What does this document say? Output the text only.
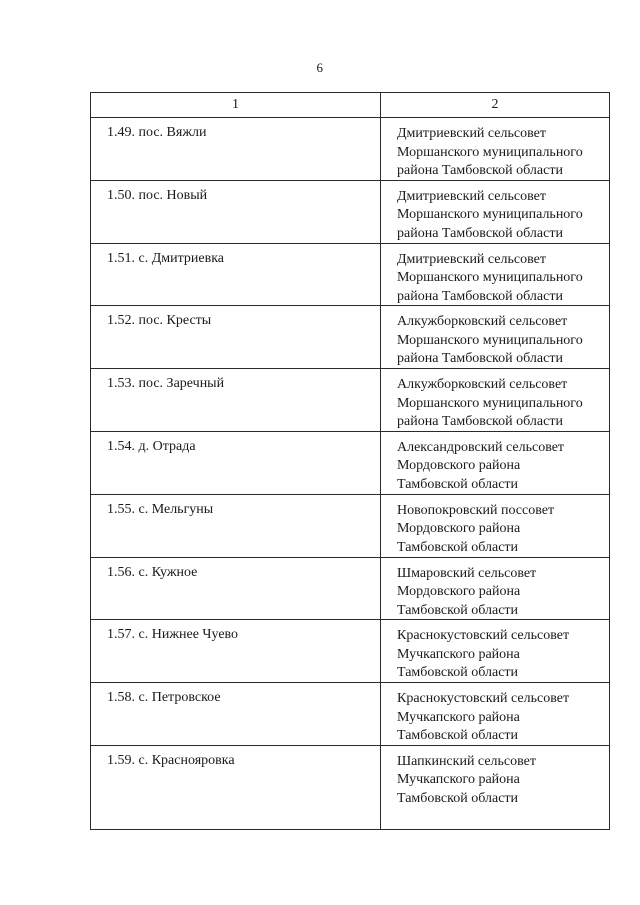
6
1	2

1.49. пос. Вяжли	Дмитриевский сельсовет
Моршанского муниципального
района Тамбовской области

1.50. пос. Новый	Дмитриевский сельсовет
Моршанского муниципального
района Тамбовской области

1.51. с. Дмитриевка	Дмитриевский сельсовет
Моршанского муниципального
района Тамбовской области

1.52. пос. Кресты	Алкужборковский сельсовет
Моршанского муниципального
района Тамбовской области

1.53. пос. Заречный	Алкужборковский сельсовет
Моршанского муниципального
района Тамбовской области

1.54. д. Отрада	Александровский сельсовет
Мордовского района
Тамбовской области

1.55. с. Мельгуны	Новопокровский поссовет
Мордовского района
Тамбовской области

1.56. с. Кужное	Шмаровский сельсовет
Мордовского района
Тамбовской области

1.57. с. Нижнее Чуево	Краснокустовский сельсовет
Мучкапского района
Тамбовской области

1.58. с. Петровское	Краснокустовский сельсовет
Мучкапского района
Тамбовской области

1.59. с. Краснояровка	Шапкинский сельсовет
Мучкапского района
Тамбовской области
